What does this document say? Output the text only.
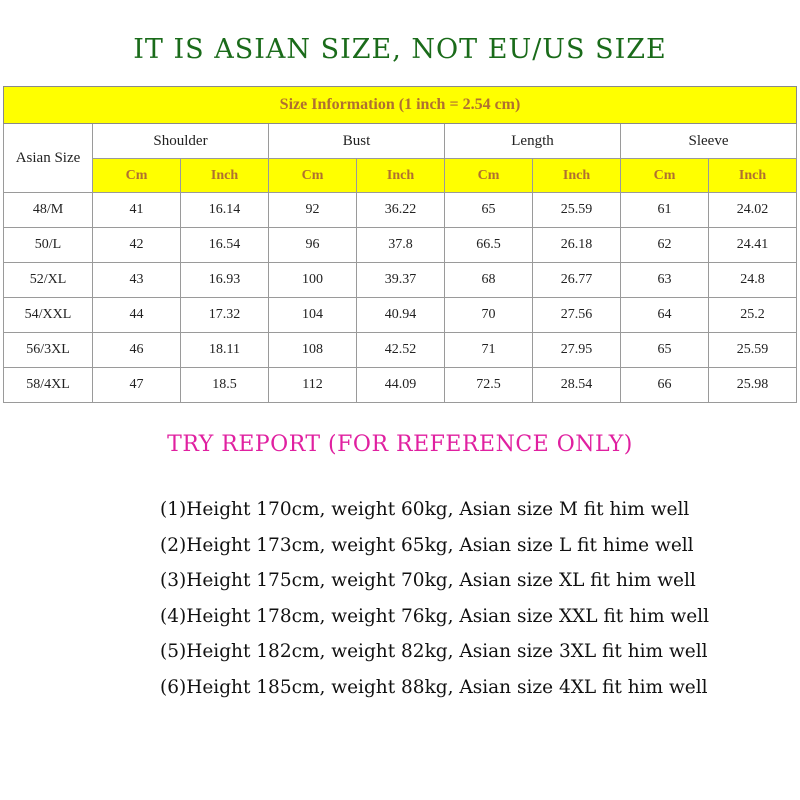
IT IS ASIAN SIZE, NOT EU/US SIZE
Size Information (1 inch = 2.54 cm)								
Asian Size	Shoulder		Bust		Length		Sleeve	
	Cm	Inch	Cm	Inch	Cm	Inch	Cm	Inch
48/M	41	16.14	92	36.22	65	25.59	61	24.02
50/L	42	16.54	96	37.8	66.5	26.18	62	24.41
52/XL	43	16.93	100	39.37	68	26.77	63	24.8
54/XXL	44	17.32	104	40.94	70	27.56	64	25.2
56/3XL	46	18.11	108	42.52	71	27.95	65	25.59
58/4XL	47	18.5	112	44.09	72.5	28.54	66	25.98
TRY REPORT (FOR REFERENCE ONLY)
(1)Height 170cm, weight 60kg, Asian size M fit him well
(2)Height 173cm, weight 65kg, Asian size L fit hime well
(3)Height 175cm, weight 70kg, Asian size XL fit him well
(4)Height 178cm, weight 76kg, Asian size XXL fit him well
(5)Height 182cm, weight 82kg, Asian size 3XL fit him well
(6)Height 185cm, weight 88kg, Asian size 4XL fit him well
